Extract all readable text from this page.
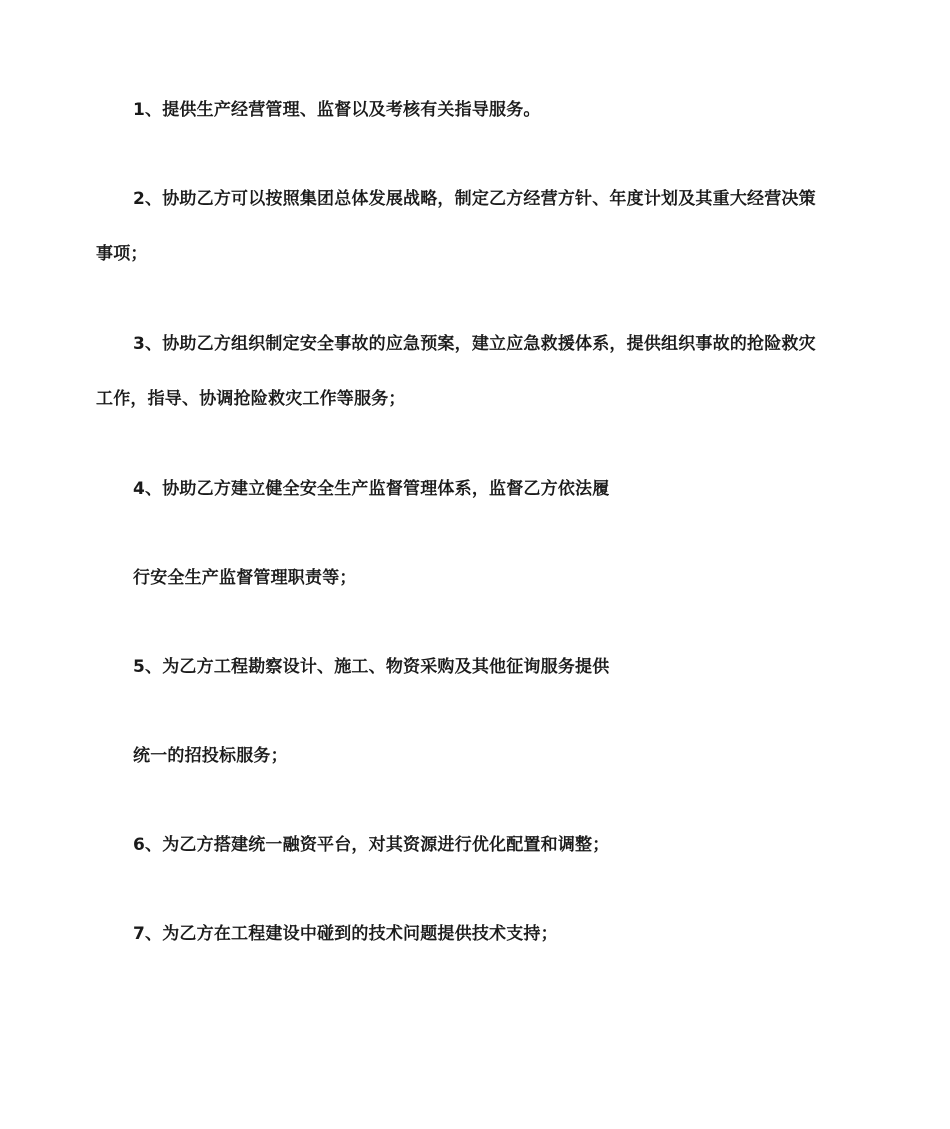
1、提供生产经营管理、监督以及考核有关指导服务。
2、协助乙方可以按照集团总体发展战略，制定乙方经营方针、年度计划及其重大经营决策
事项；
3、协助乙方组织制定安全事故的应急预案，建立应急救援体系，提供组织事故的抢险救灾
工作，指导、协调抢险救灾工作等服务；
4、协助乙方建立健全安全生产监督管理体系，监督乙方依法履
行安全生产监督管理职责等；
5、为乙方工程勘察设计、施工、物资采购及其他征询服务提供
统一的招投标服务；
6、为乙方搭建统一融资平台，对其资源进行优化配置和调整；
7、为乙方在工程建设中碰到的技术问题提供技术支持；
